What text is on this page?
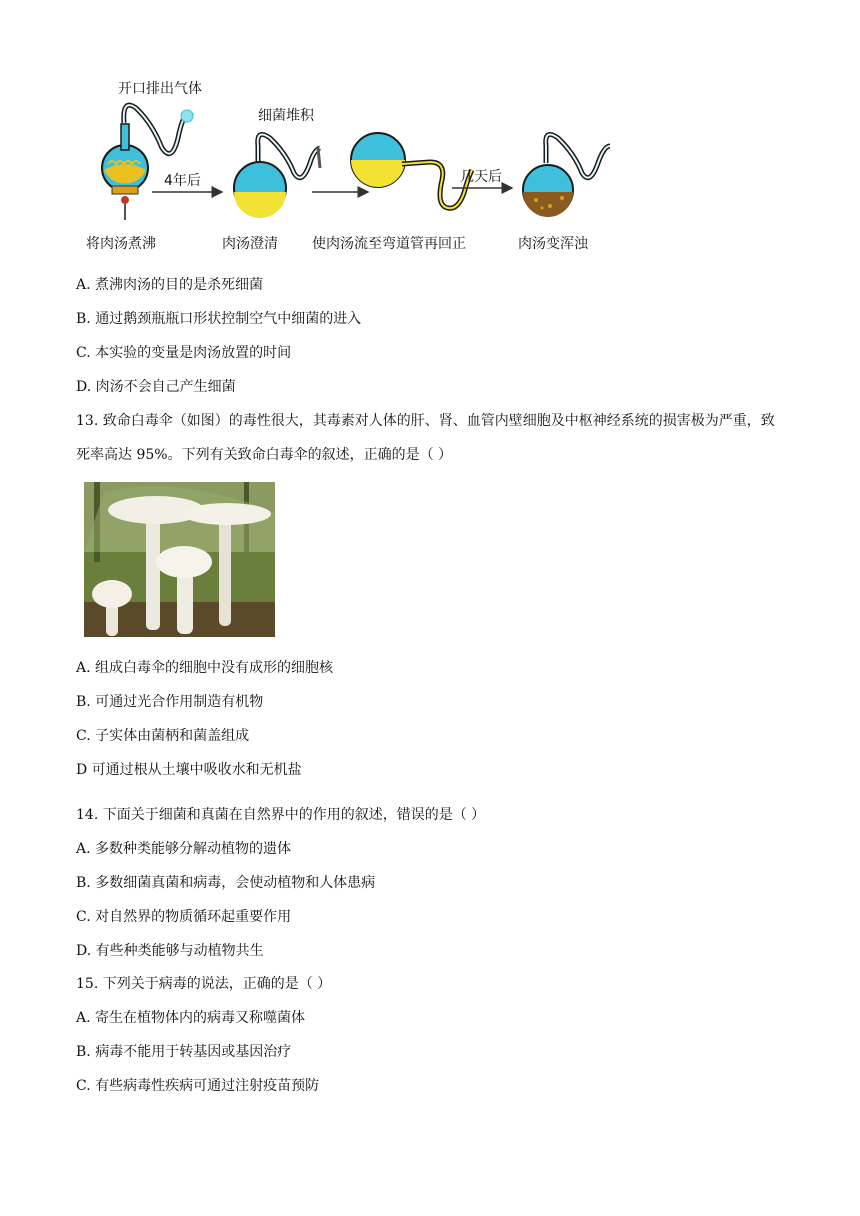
开口排出气体
细菌堆积
4年后	几天后
将肉汤煮沸	肉汤澄清 使肉汤流至弯道管再回正	肉汤变浑浊
A. 煮沸肉汤的目的是杀死细菌
B. 通过鹅颈瓶瓶口形状控制空气中细菌的进入
C. 本实验的变量是肉汤放置的时间
D. 肉汤不会自己产生细菌
13. 致命白毒伞（如图）的毒性很大，其毒素对人体的肝、肾、血管内壁细胞及中枢神经系统的损害极为严重，致死率高达 95%。下列有关致命白毒伞的叙述，正确的是（ ）
A. 组成白毒伞的细胞中没有成形的细胞核
B. 可通过光合作用制造有机物
C. 子实体由菌柄和菌盖组成
D 可通过根从土壤中吸收水和无机盐
14. 下面关于细菌和真菌在自然界中的作用的叙述，错误的是（ ）
A. 多数种类能够分解动植物的遗体
B. 多数细菌真菌和病毒，会使动植物和人体患病
C. 对自然界的物质循环起重要作用
D. 有些种类能够与动植物共生
15. 下列关于病毒的说法，正确的是（ ）
A. 寄生在植物体内的病毒又称噬菌体
B. 病毒不能用于转基因或基因治疗
C. 有些病毒性疾病可通过注射疫苗预防
